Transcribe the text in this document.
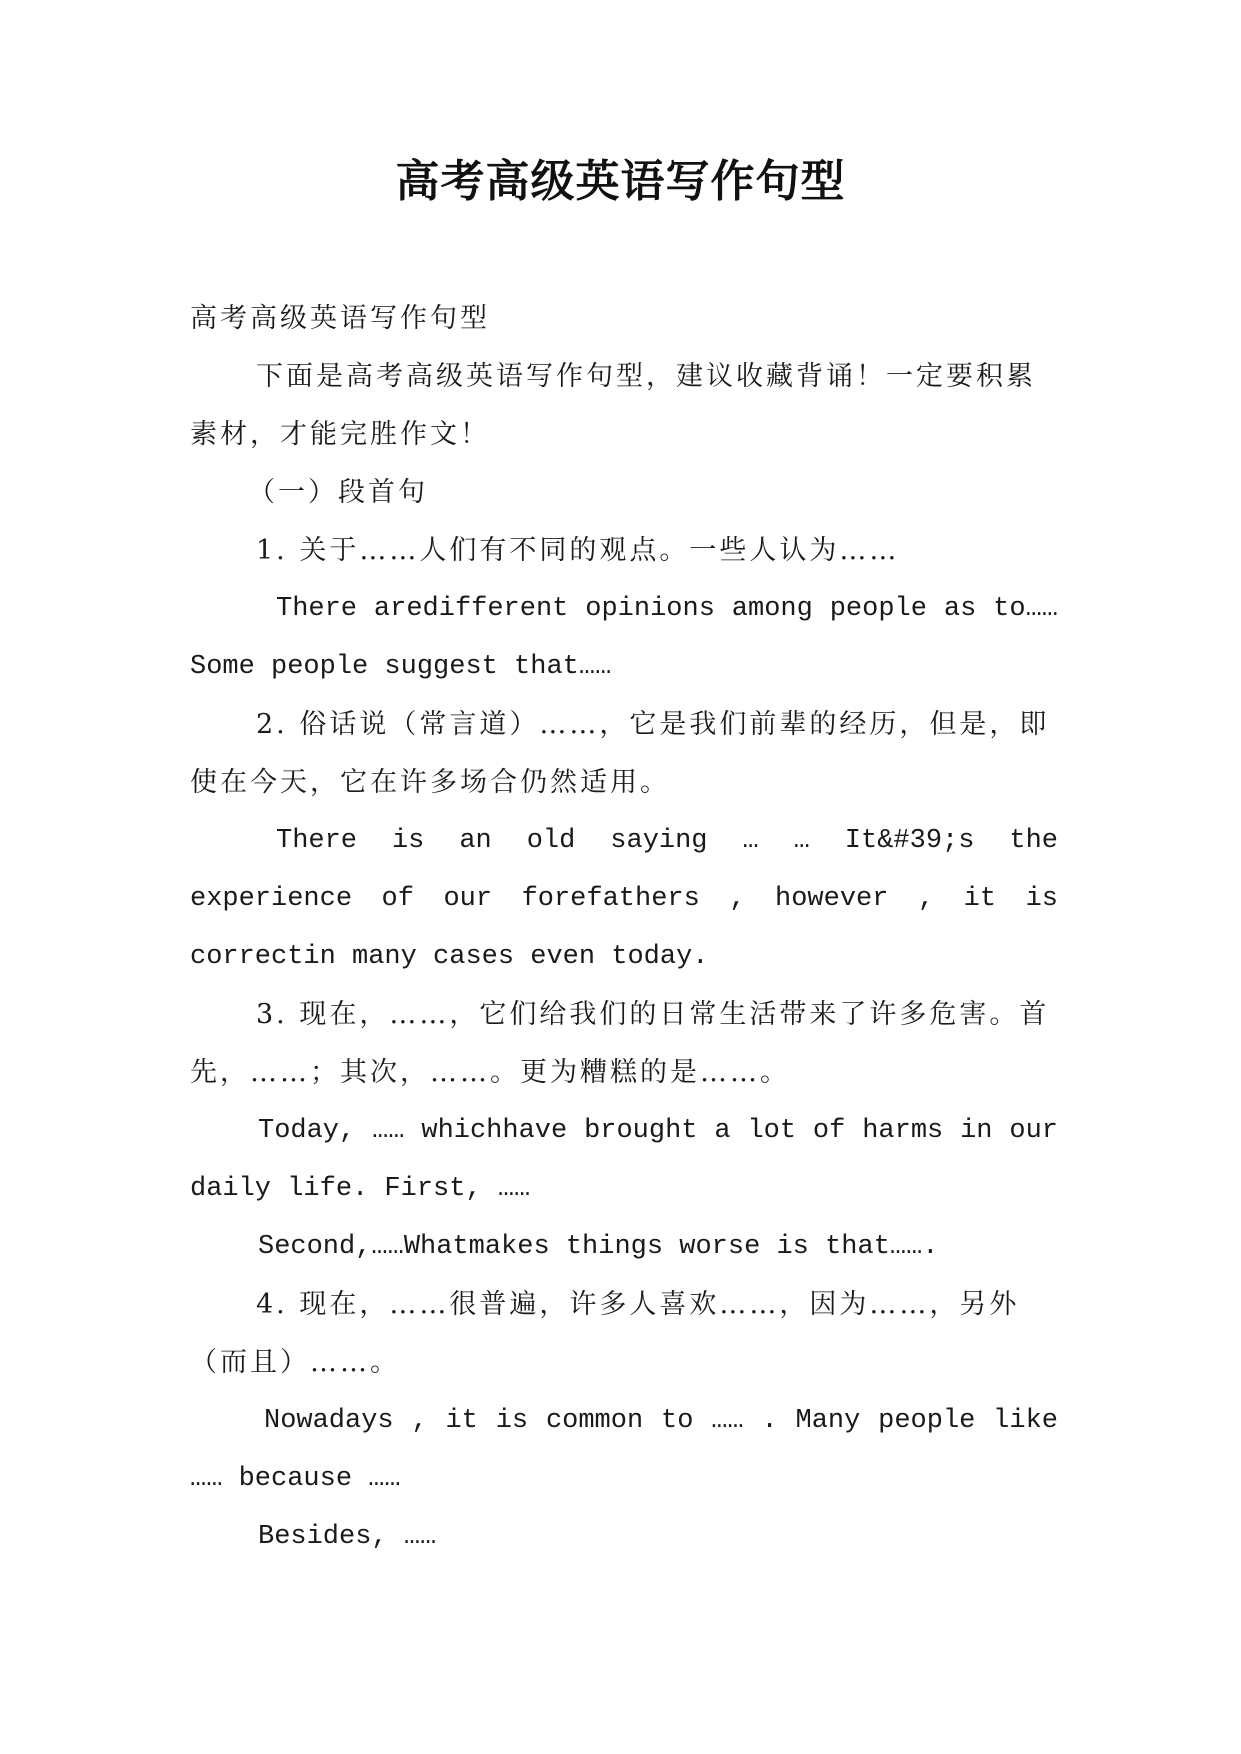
高考高级英语写作句型

高考高级英语写作句型

下面是高考高级英语写作句型，建议收藏背诵！一定要积累素材，才能完胜作文！

（一）段首句

1. 关于……人们有不同的观点。一些人认为……

There aredifferent opinions among people as to……Some people suggest that……

2. 俗话说（常言道）……，它是我们前辈的经历，但是，即使在今天，它在许多场合仍然适用。

There is an old saying … … It&#39;s the experience of our forefathers , however , it is correctin many cases even today.

3. 现在，……，它们给我们的日常生活带来了许多危害。首先，……；其次，……。更为糟糕的是……。

Today, …… whichhave brought a lot of harms in our daily life. First, ……

Second,……Whatmakes things worse is that…….

4. 现在，……很普遍，许多人喜欢……，因为……，另外（而且）……。

Nowadays , it is common to …… . Many people like …… because ……

Besides, ……
